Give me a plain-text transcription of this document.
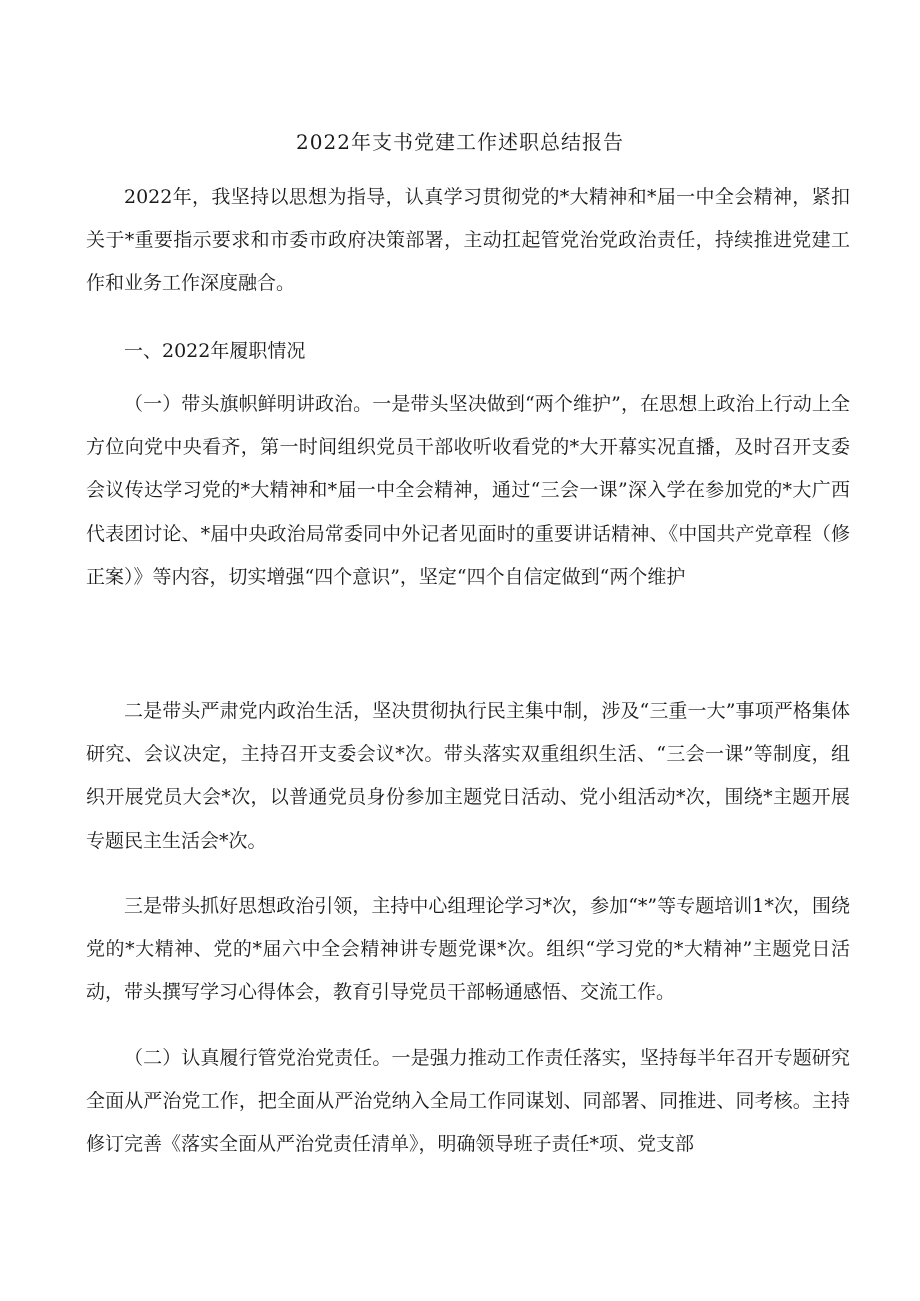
2022年支书党建工作述职总结报告

2022年，我坚持以思想为指导，认真学习贯彻党的*大精神和*届一中全会精神，紧扣关于*重要指示要求和市委市政府决策部署，主动扛起管党治党政治责任，持续推进党建工作和业务工作深度融合。

一、2022年履职情况

（一）带头旗帜鲜明讲政治。一是带头坚决做到“两个维护”，在思想上政治上行动上全方位向党中央看齐，第一时间组织党员干部收听收看党的*大开幕实况直播，及时召开支委会议传达学习党的*大精神和*届一中全会精神，通过“三会一课”深入学在参加党的*大广西代表团讨论、*届中央政治局常委同中外记者见面时的重要讲话精神、《中国共产党章程（修正案）》等内容，切实增强“四个意识”，坚定“四个自信定做到“两个维护

二是带头严肃党内政治生活，坚决贯彻执行民主集中制，涉及“三重一大”事项严格集体研究、会议决定，主持召开支委会议*次。带头落实双重组织生活、“三会一课”等制度，组织开展党员大会*次，以普通党员身份参加主题党日活动、党小组活动*次，围绕*主题开展专题民主生活会*次。

三是带头抓好思想政治引领，主持中心组理论学习*次，参加“*”等专题培训1*次，围绕党的*大精神、党的*届六中全会精神讲专题党课*次。组织“学习党的*大精神”主题党日活动，带头撰写学习心得体会，教育引导党员干部畅通感悟、交流工作。

（二）认真履行管党治党责任。一是强力推动工作责任落实，坚持每半年召开专题研究全面从严治党工作，把全面从严治党纳入全局工作同谋划、同部署、同推进、同考核。主持修订完善《落实全面从严治党责任清单》，明确领导班子责任*项、党支部
